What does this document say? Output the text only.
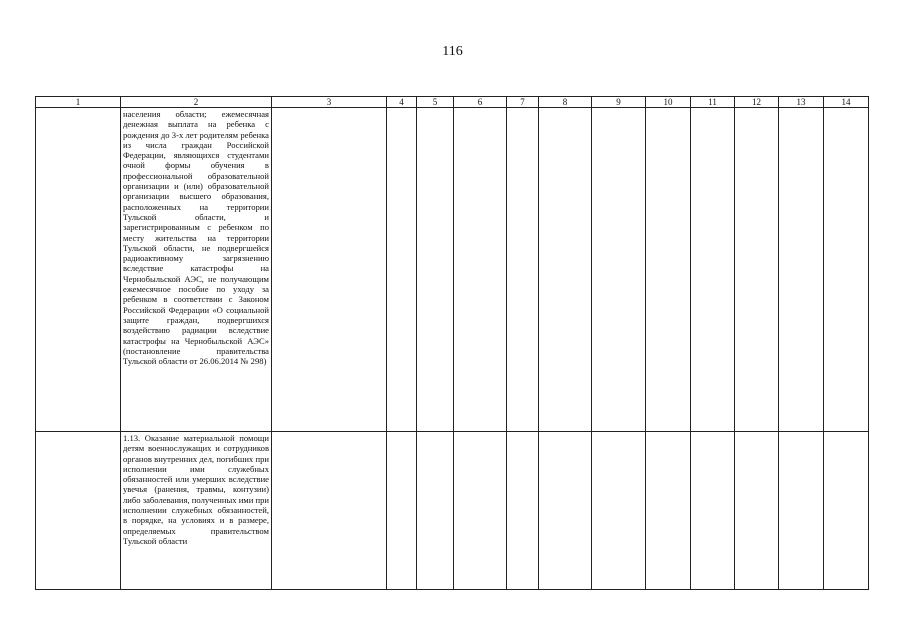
116
1	2	3	4	5	6	7	8	9	10	11	12	13	14

	населения области; ежемесячная денежная выплата на ребенка с рождения до 3-х лет родителям ребенка из числа граждан Российской Федерации, являющихся студентами очной формы обучения в профессиональной образовательной организации и (или) образовательной организации высшего образования, расположенных на территории Тульской области, и зарегистрированным с ребенком по месту жительства на территории Тульской области, не подвергшейся радиоактивному загрязнению вследствие катастрофы на Чернобыльской АЭС, не получающим ежемесячное пособие по уходу за ребенком в соответствии с Законом Российской Федерации «О социальной защите граждан, подвергшихся воздействию радиации вследствие катастрофы на Чернобыльской АЭС» (постановление правительства Тульской области от 26.06.2014 № 298)												

	1.13. Оказание материальной помощи детям военнослужащих и сотрудников органов внутренних дел, погибших при исполнении ими служебных обязанностей или умерших вследствие увечья (ранения, травмы, контузии) либо заболевания, полученных ими при исполнении служебных обязанностей, в порядке, на условиях и в размере, определяемых правительством Тульской области												
